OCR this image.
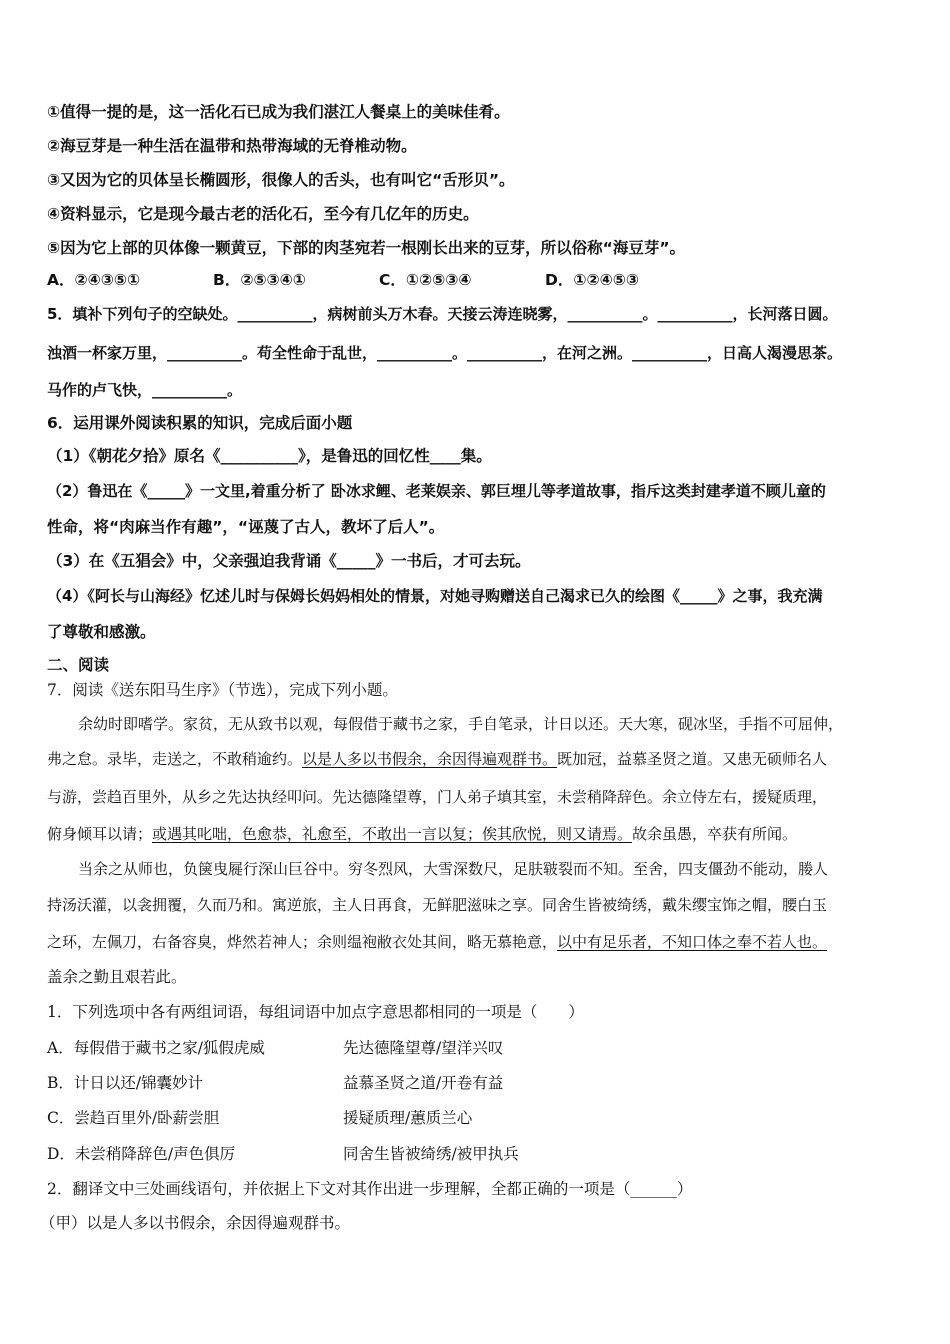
①值得一提的是，这一活化石已成为我们湛江人餐桌上的美味佳肴。
②海豆芽是一种生活在温带和热带海域的无脊椎动物。
③又因为它的贝体呈长椭圆形，很像人的舌头，也有叫它“舌形贝”。
④资料显示，它是现今最古老的活化石，至今有几亿年的历史。
⑤因为它上部的贝体像一颗黄豆，下部的肉茎宛若一根刚长出来的豆芽，所以俗称“海豆芽”。
A．②④③⑤①	B．②⑤③④①	C．①②⑤③④	D．①②④⑤③
5．填补下列句子的空缺处。__________，病树前头万木春。天接云涛连晓雾，__________。__________，长河落日圆。
浊酒一杯家万里，__________。苟全性命于乱世，__________。__________，在河之洲。__________，日高人渴漫思茶。
马作的卢飞快，__________。
6．运用课外阅读积累的知识，完成后面小题
（1）《朝花夕拾》原名《__________》，是鲁迅的回忆性____集。
（2）鲁迅在《_____》一文里,着重分析了 卧冰求鲤、老莱娱亲、郭巨埋儿等孝道故事，指斥这类封建孝道不顾儿童的
性命，将“肉麻当作有趣”，“诬蔑了古人，教坏了后人”。
（3）在《五猖会》中，父亲强迫我背诵《_____》一书后，才可去玩。
（4）《阿长与山海经》忆述儿时与保姆长妈妈相处的情景，对她寻购赠送自己渴求已久的绘图《_____》之事，我充满
了尊敬和感激。
二、阅读
7．阅读《送东阳马生序》（节选），完成下列小题。
余幼时即嗜学。家贫，无从致书以观，每假借于藏书之家，手自笔录，计日以还。天大寒，砚冰坚，手指不可屈伸，
弗之怠。录毕，走送之，不敢稍逾约。以是人多以书假余，余因得遍观群书。既加冠，益慕圣贤之道。又患无硕师名人
与游，尝趋百里外，从乡之先达执经叩问。先达德隆望尊，门人弟子填其室，未尝稍降辞色。余立侍左右，援疑质理，
俯身倾耳以请；或遇其叱咄，色愈恭，礼愈至，不敢出一言以复；俟其欣悦，则又请焉。故余虽愚，卒获有所闻。
当余之从师也，负箧曳屣行深山巨谷中。穷冬烈风，大雪深数尺，足肤皲裂而不知。至舍，四支僵劲不能动，媵人
持汤沃灌，以衾拥覆，久而乃和。寓逆旅，主人日再食，无鲜肥滋味之享。同舍生皆被绮绣，戴朱缨宝饰之帽，腰白玉
之环，左佩刀，右备容臭，烨然若神人；余则缊袍敝衣处其间，略无慕艳意，以中有足乐者，不知口体之奉不若人也。
盖余之勤且艰若此。
1．下列选项中各有两组词语，每组词语中加点字意思都相同的一项是（　　）
A．每假借于藏书之家/狐假虎威	先达德隆望尊/望洋兴叹
B．计日以还/锦囊妙计	益慕圣贤之道/开卷有益
C．尝趋百里外/卧薪尝胆	援疑质理/蕙质兰心
D．未尝稍降辞色/声色俱厉	同舍生皆被绮绣/被甲执兵
2．翻译文中三处画线语句，并依据上下文对其作出进一步理解，全都正确的一项是（______）
（甲）以是人多以书假余，余因得遍观群书。
